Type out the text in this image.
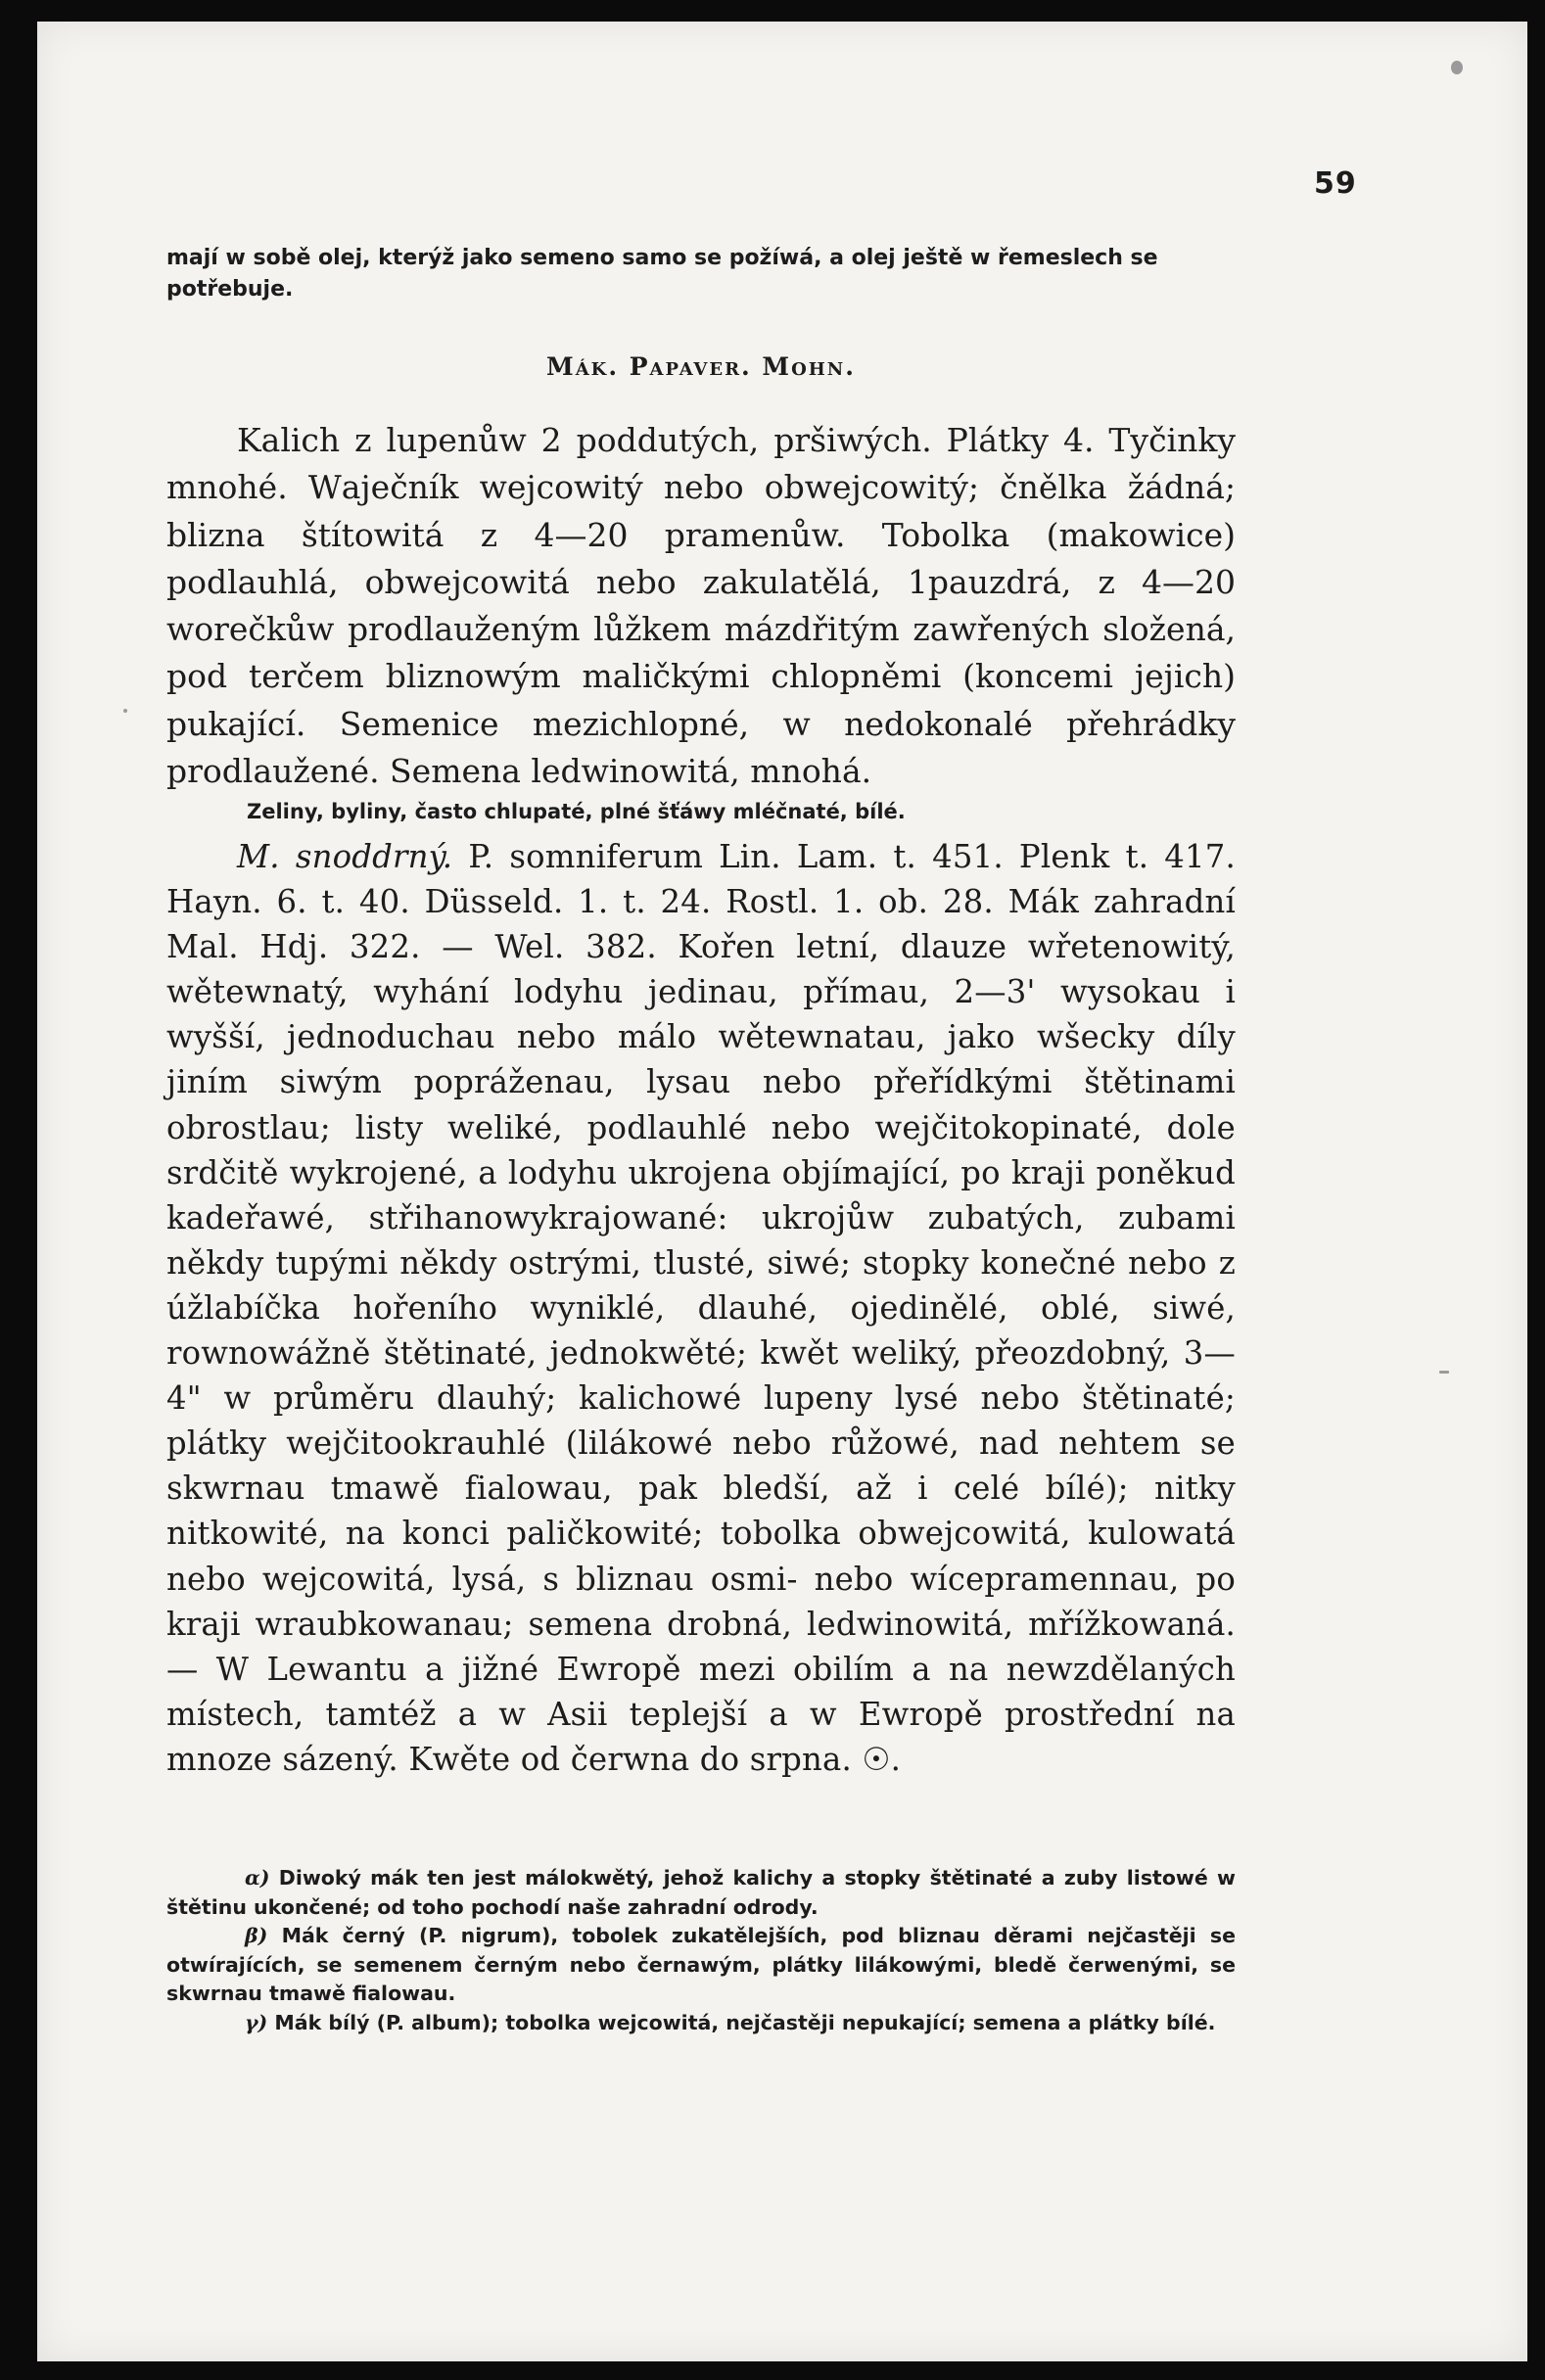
59
mají w sobě olej, kterýž jako semeno samo se požíwá, a olej ještě w řemeslech se potřebuje.
Mák. Papaver. Mohn.
Kalich z lupenůw 2 poddutých, pršiwých. Plátky 4. Tyčinky mnohé. Wаječník wejcowitý nebo obwejcowitý; čnělka žádná; blizna štítowitá z 4—20 pramenůw. Tobolka (makowice) podlauhlá, obwejcowitá nebo zakulatělá, 1pauzdrá, z 4—20 worečkůw prodlauženým lůžkem mázdřitým zawřených složená, pod terčem bliznowým maličkými chlopněmi (koncemi jejich) pukající. Semenice mezichlopné, w nedokonalé přehrádky prodlaužené. Semena ledwinowitá, mnohá.
Zeliny, byliny, často chlupaté, plné šťáwy mléčnaté, bílé.
M. snoddrný. P. somniferum Lin. Lam. t. 451. Plenk t. 417. Hayn. 6. t. 40. Düsseld. 1. t. 24. Rostl. 1. ob. 28. Mák zahradní Mal. Hdj. 322. — Wel. 382. Kořen letní, dlauze wřetenowitý, wětewnatý, wyhání lodyhu jedinau, přímau, 2—3' wysokau i wyšší, jednoduchau nebo málo wětewnatau, jako wšecky díly jiním siwým popráženau, lysau nebo přeřídkými štětinami obrostlau; listy weliké, podlauhlé nebo wejčitokopinaté, dole srdčitě wykrojené, a lodyhu ukrojena objímající, po kraji poněkud kadeřawé, střihanowykrajowané: ukrojůw zubatých, zubami někdy tupými někdy ostrými, tlusté, siwé; stopky konečné nebo z úžlabíčka hořeního wyniklé, dlauhé, ojedinělé, oblé, siwé, rownowážně štětinaté, jednokwěté; kwět weliký, přeozdobný, 3—4" w průměru dlauhý; kalichowé lupeny lysé nebo štětinaté; plátky wejčitookrauhlé (lilákowé nebo růžowé, nad nehtem se skwrnau tmawě fialowau, pak bledší, až i celé bílé); nitky nitkowité, na konci paličkowité; tobolka obwejcowitá, kulowatá nebo wejcowitá, lysá, s bliznau osmi- nebo wíceprаmennau, po kraji wraubkowanau; semena drobná, ledwinowitá, mřížkowaná. — W Lewantu a jižné Ewropě mezi obilím a na newzdělaných místech, tamtéž a w Asii teplejší a w Ewropě prostřední na mnoze sázený. Kwěte od čerwna do srpna. ☉.

α) Diwoký mák ten jest málokwětý, jehož kalichy a stopky štětinaté a zuby listowé w štětinu ukončené; od toho pochodí naše zahradní odrody.

β) Mák černý (P. nigrum), tobolek zukatělejších, pod bliznau děrami nejčastěji se otwírajících, se semenem černým nebo černawým, plátky lilákowými, bledě čerwenými, se skwrnau tmawě fialowau.

γ) Mák bílý (P. album); tobolka wejcowitá, nejčastěji nepukající; semena a plátky bílé.
